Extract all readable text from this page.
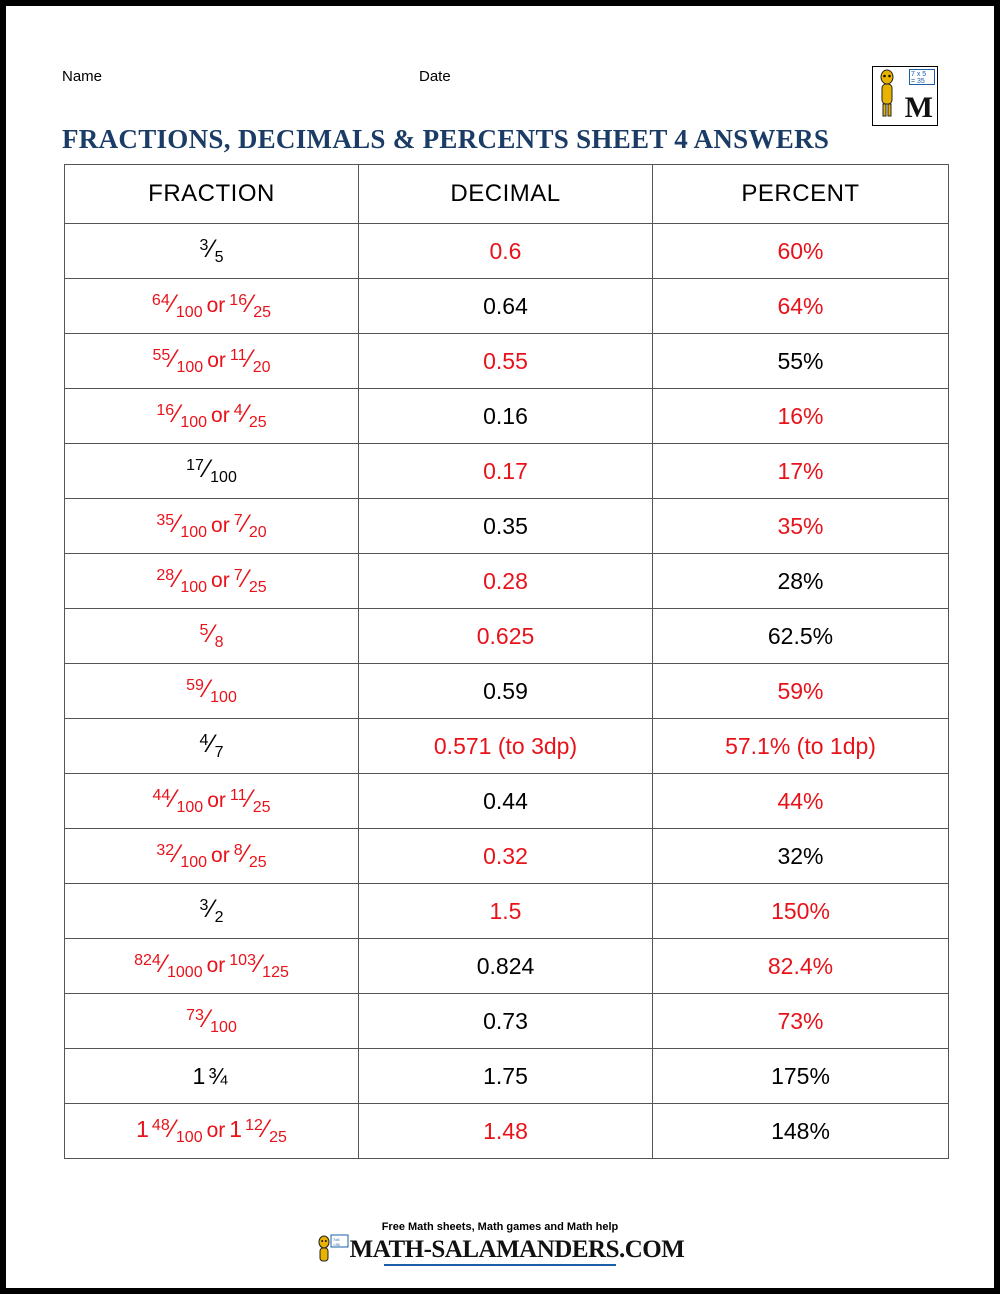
Name	Date	7 x 5
= 35
M
FRACTIONS, DECIMALS & PERCENTS SHEET 4 ANSWERS
FRACTION	DECIMAL	PERCENT
$^3⁄_5$	0.6	60%
$^{64}⁄_{100}$ or $^{16}⁄_{25}$	0.64	64%
$^{55}⁄_{100}$ or $^{11}⁄_{20}$	0.55	55%
$^{16}⁄_{100}$ or $^4⁄_{25}$	0.16	16%
$^{17}⁄_{100}$	0.17	17%
$^{35}⁄_{100}$ or $^7⁄_{20}$	0.35	35%
$^{28}⁄_{100}$ or $^7⁄_{25}$	0.28	28%
$^5⁄_8$	0.625	62.5%
$^{59}⁄_{100}$	0.59	59%
$^4⁄_7$	0.571 (to 3dp)	57.1% (to 1dp)
$^{44}⁄_{100}$ or $^{11}⁄_{25}$	0.44	44%
$^{32}⁄_{100}$ or $^8⁄_{25}$	0.32	32%
$^3⁄_2$	1.5	150%
$^{824}⁄_{1000}$ or $^{103}⁄_{125}$	0.824	82.4%
$^{73}⁄_{100}$	0.73	73%
1 ¾	1.75	175%
1 $^{48}⁄_{100}$ or 1 $^{12}⁄_{25}$	1.48	148%
Free Math sheets, Math games and Math help
7x5
=35 MATH-SALAMANDERS.COM
